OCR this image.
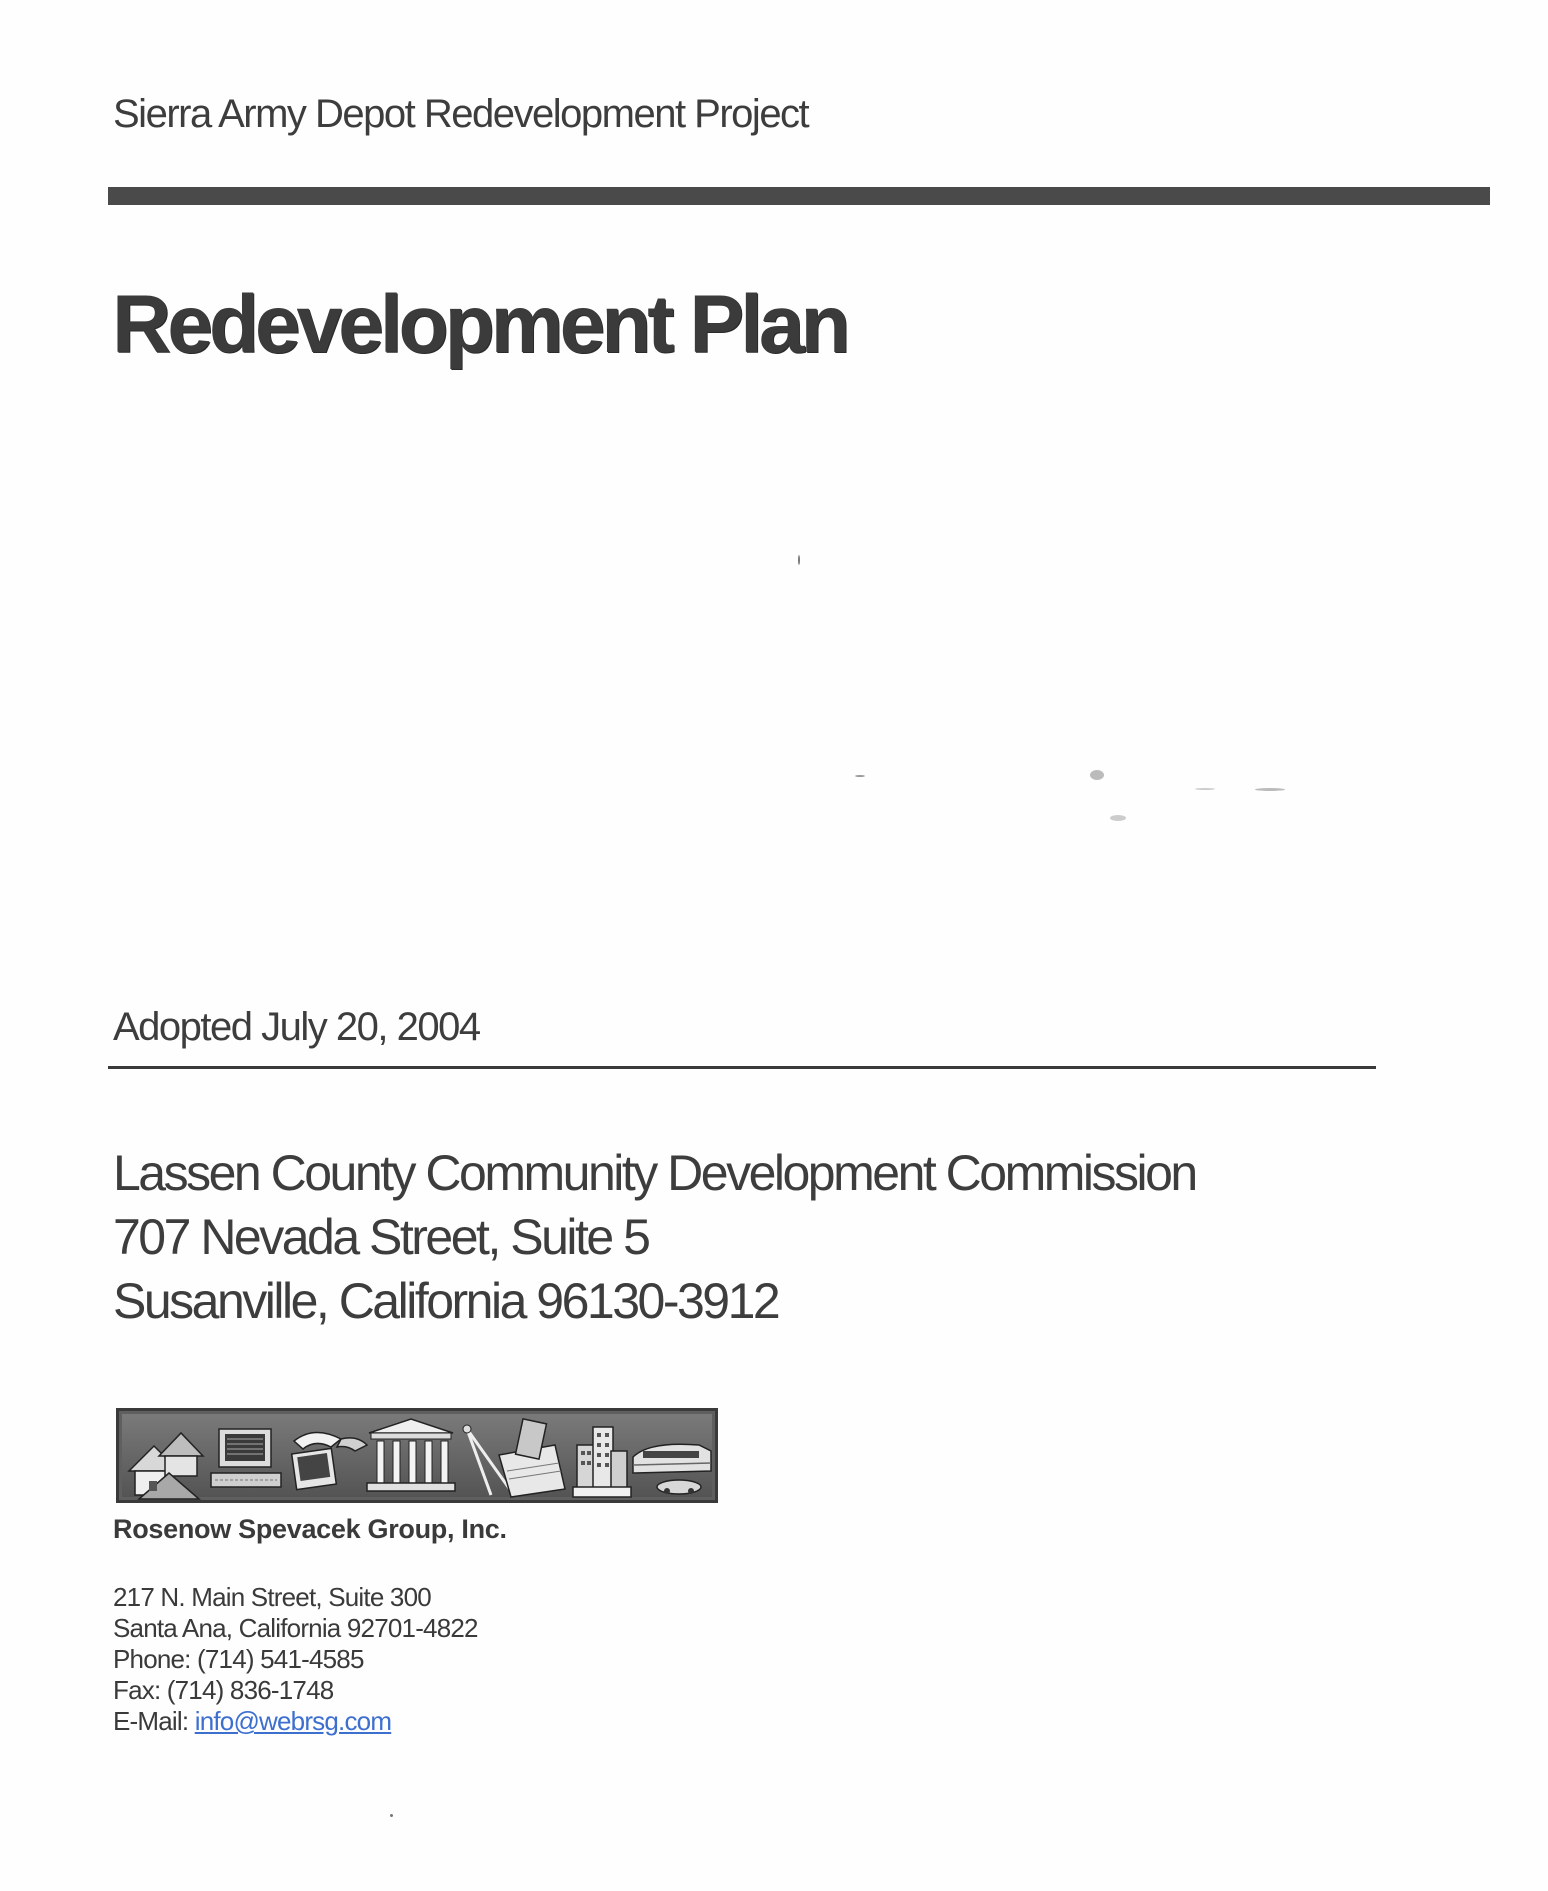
Sierra Army Depot Redevelopment Project
Redevelopment Plan
Adopted July 20, 2004
Lassen County Community Development Commission
707 Nevada Street, Suite 5
Susanville, California 96130-3912
Rosenow Spevacek Group, Inc.
217 N. Main Street, Suite 300
Santa Ana, California 92701-4822
Phone: (714) 541-4585
Fax: (714) 836-1748
E-Mail: info@webrsg.com
